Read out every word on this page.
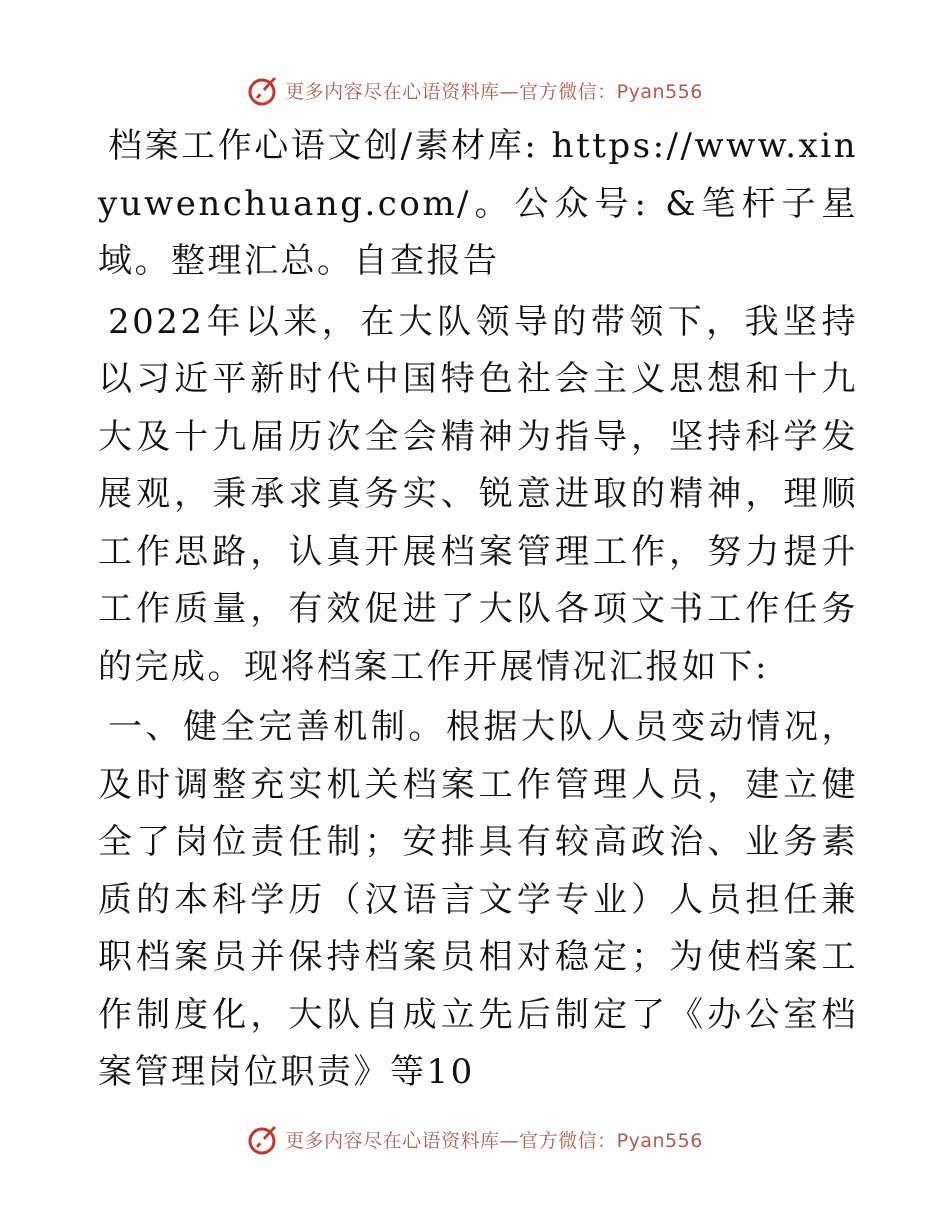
更多内容尽在心语资料库—官方微信：Pyan556

档案工作心语文创/素材库: https://www.xinyuwenchuang.com/。公众号: &笔杆子星域。整理汇总。自查报告

2022年以来，在大队领导的带领下，我坚持以习近平新时代中国特色社会主义思想和十九大及十九届历次全会精神为指导，坚持科学发展观，秉承求真务实、锐意进取的精神，理顺工作思路，认真开展档案管理工作，努力提升工作质量，有效促进了大队各项文书工作任务的完成。现将档案工作开展情况汇报如下:

一、健全完善机制。根据大队人员变动情况，及时调整充实机关档案工作管理人员，建立健全了岗位责任制；安排具有较高政治、业务素质的本科学历（汉语言文学专业）人员担任兼职档案员并保持档案员相对稳定；为使档案工作制度化，大队自成立先后制定了《办公室档案管理岗位职责》等10

更多内容尽在心语资料库—官方微信：Pyan556
